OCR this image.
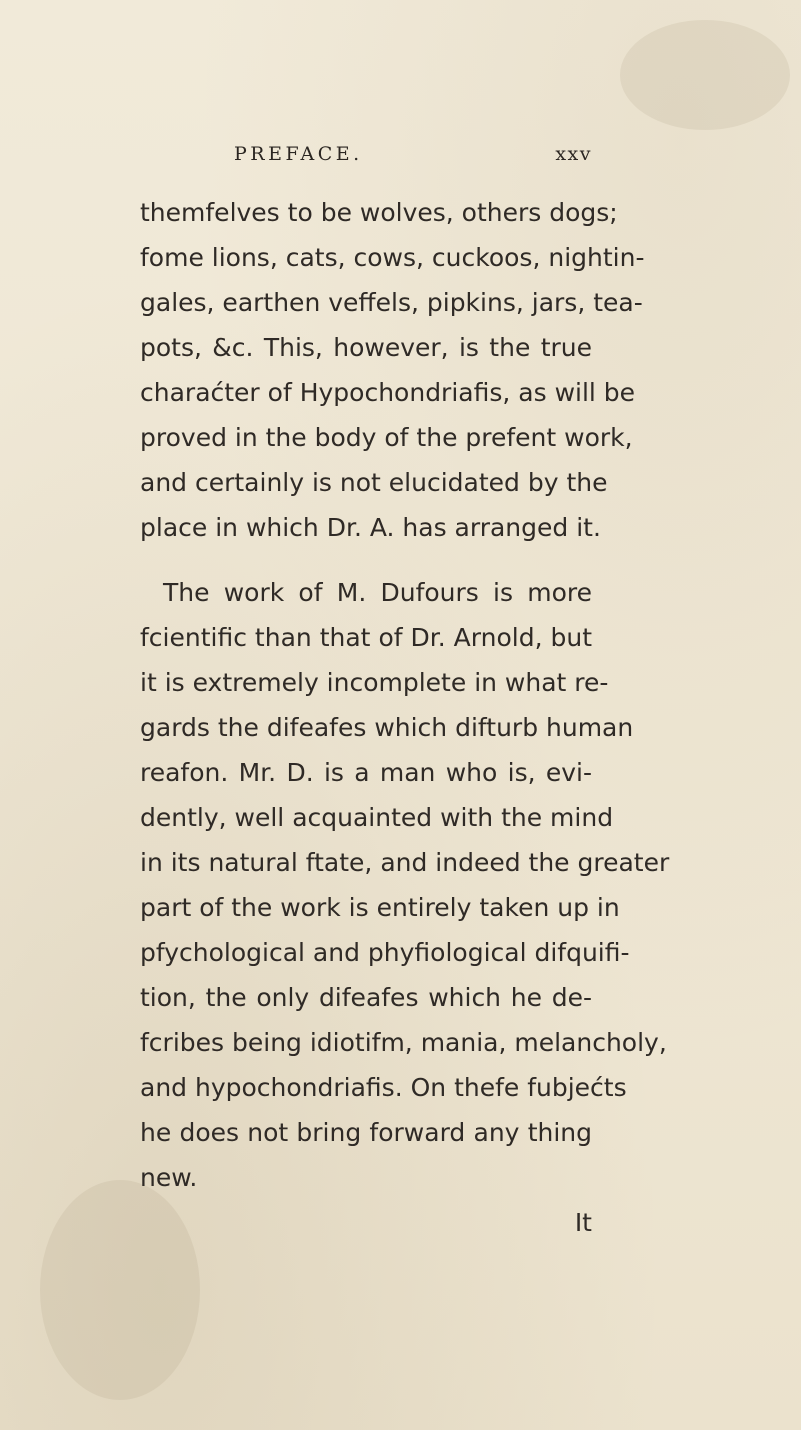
PREFACE.	xxv
themfelves to be wolves, others dogs;
fome lions, cats, cows, cuckoos, nightin-
gales, earthen veffels, pipkins, jars, tea-
pots, &c. This, however, is the true
charaćter of Hypochondriafis, as will be
proved in the body of the prefent work,
and certainly is not elucidated by the
place in which Dr. A. has arranged it.
The work of M. Dufours is more
fcientific than that of Dr. Arnold, but
it is extremely incomplete in what re-
gards the difeafes which difturb human
reafon. Mr. D. is a man who is, evi-
dently, well acquainted with the mind
in its natural ftate, and indeed the greater
part of the work is entirely taken up in
pfychological and phyfiological difquifi-
tion, the only difeafes which he de-
fcribes being idiotifm, mania, melancholy,
and hypochondriafis. On thefe fubjećts
he does not bring forward any thing
new.
It
